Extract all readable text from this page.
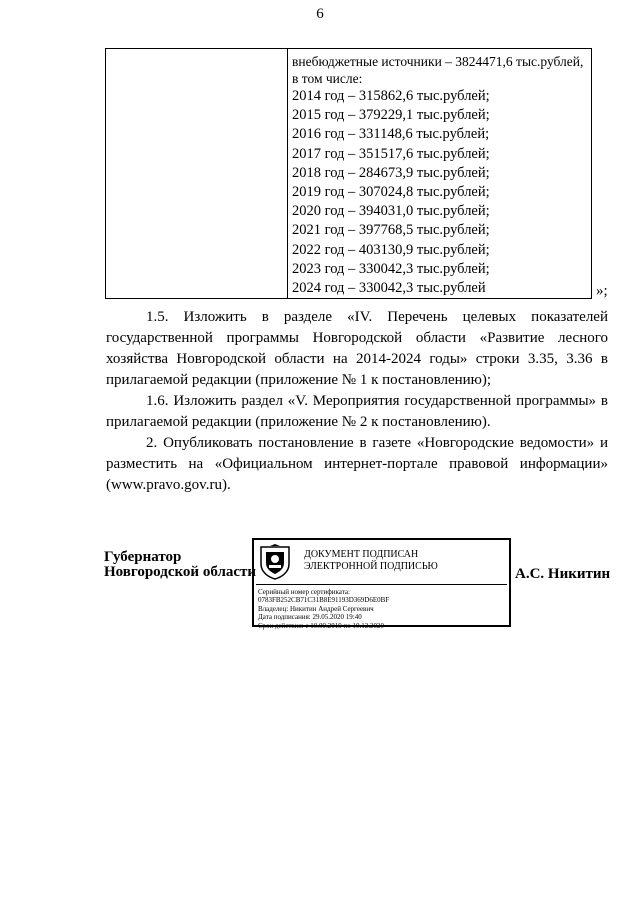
6
внебюджетные источники – 3824471,6 тыс.рублей,
в том числе:
2014 год – 315862,6 тыс.рублей;
2015 год – 379229,1 тыс.рублей;
2016 год – 331148,6 тыс.рублей;
2017 год – 351517,6 тыс.рублей;
2018 год – 284673,9 тыс.рублей;
2019 год – 307024,8 тыс.рублей;
2020 год – 394031,0 тыс.рублей;
2021 год – 397768,5 тыс.рублей;
2022 год – 403130,9 тыс.рублей;
2023 год – 330042,3 тыс.рублей;
2024 год – 330042,3 тыс.рублей	»;

1.5. Изложить в разделе «IV. Перечень целевых показателей государственной программы Новгородской области «Развитие лесного хозяйства Новгородской области на 2014-2024 годы» строки 3.35, 3.36 в прилагаемой редакции (приложение № 1 к постановлению);

1.6. Изложить раздел «V. Мероприятия государственной программы» в прилагаемой редакции (приложение № 2 к постановлению).

2. Опубликовать постановление в газете «Новгородские ведомости» и разместить на «Официальном интернет-портале правовой информации» (www.pravo.gov.ru).

Губернатор
Новгородской области
ДОКУМЕНТ ПОДПИСАН
ЭЛЕКТРОННОЙ ПОДПИСЬЮ
Серийный номер сертификата:
0783FB252CB71C31B8E91193D369D6E0BF
Владелец: Никитин Андрей Сергеевич
Дата подписания: 29.05.2020 19:40
Срок действия: с 10.09.2019 по 10.12.2020
А.С. Никитин
